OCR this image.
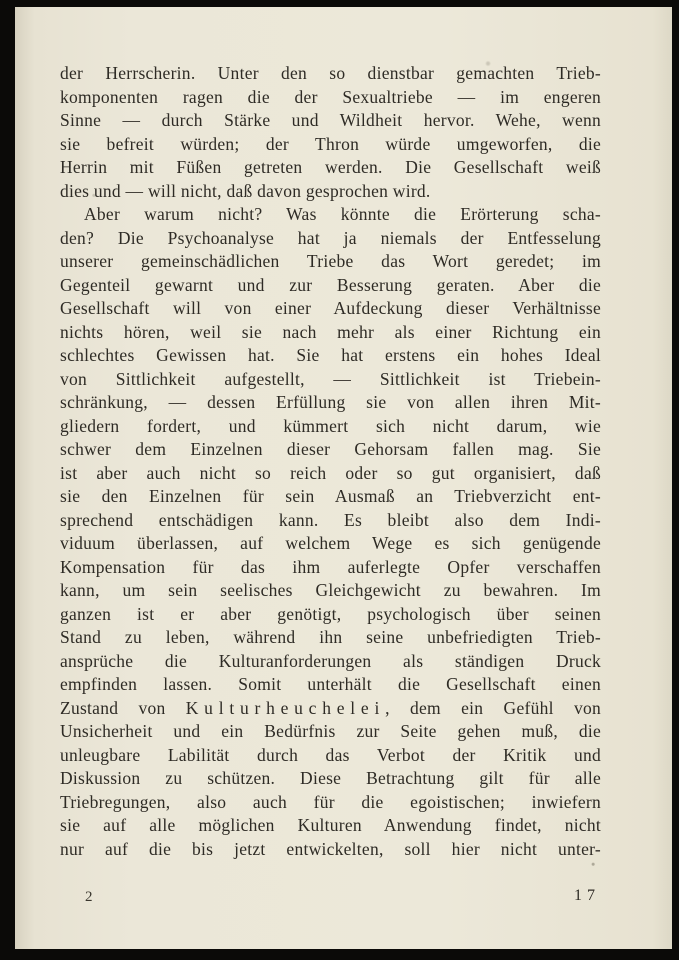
der Herrscherin. Unter den so dienstbar gemachten Trieb-
komponenten ragen die der Sexualtriebe — im engeren
Sinne — durch Stärke und Wildheit hervor. Wehe, wenn
sie befreit würden; der Thron würde umgeworfen, die
Herrin mit Füßen getreten werden. Die Gesellschaft weiß
dies und — will nicht, daß davon gesprochen wird.
Aber warum nicht? Was könnte die Erörterung scha-
den? Die Psychoanalyse hat ja niemals der Entfesselung
unserer gemeinschädlichen Triebe das Wort geredet; im
Gegenteil gewarnt und zur Besserung geraten. Aber die
Gesellschaft will von einer Aufdeckung dieser Verhältnisse
nichts hören, weil sie nach mehr als einer Richtung ein
schlechtes Gewissen hat. Sie hat erstens ein hohes Ideal
von Sittlichkeit aufgestellt, — Sittlichkeit ist Triebein-
schränkung, — dessen Erfüllung sie von allen ihren Mit-
gliedern fordert, und kümmert sich nicht darum, wie
schwer dem Einzelnen dieser Gehorsam fallen mag. Sie
ist aber auch nicht so reich oder so gut organisiert, daß
sie den Einzelnen für sein Ausmaß an Triebverzicht ent-
sprechend entschädigen kann. Es bleibt also dem Indi-
viduum überlassen, auf welchem Wege es sich genügende
Kompensation für das ihm auferlegte Opfer verschaffen
kann, um sein seelisches Gleichgewicht zu bewahren. Im
ganzen ist er aber genötigt, psychologisch über seinen
Stand zu leben, während ihn seine unbefriedigten Trieb-
ansprüche die Kulturanforderungen als ständigen Druck
empfinden lassen. Somit unterhält die Gesellschaft einen
Zustand von Kulturheuchelei, dem ein Gefühl von
Unsicherheit und ein Bedürfnis zur Seite gehen muß, die
unleugbare Labilität durch das Verbot der Kritik und
Diskussion zu schützen. Diese Betrachtung gilt für alle
Triebregungen, also auch für die egoistischen; inwiefern
sie auf alle möglichen Kulturen Anwendung findet, nicht
nur auf die bis jetzt entwickelten, soll hier nicht unter-
2	17
